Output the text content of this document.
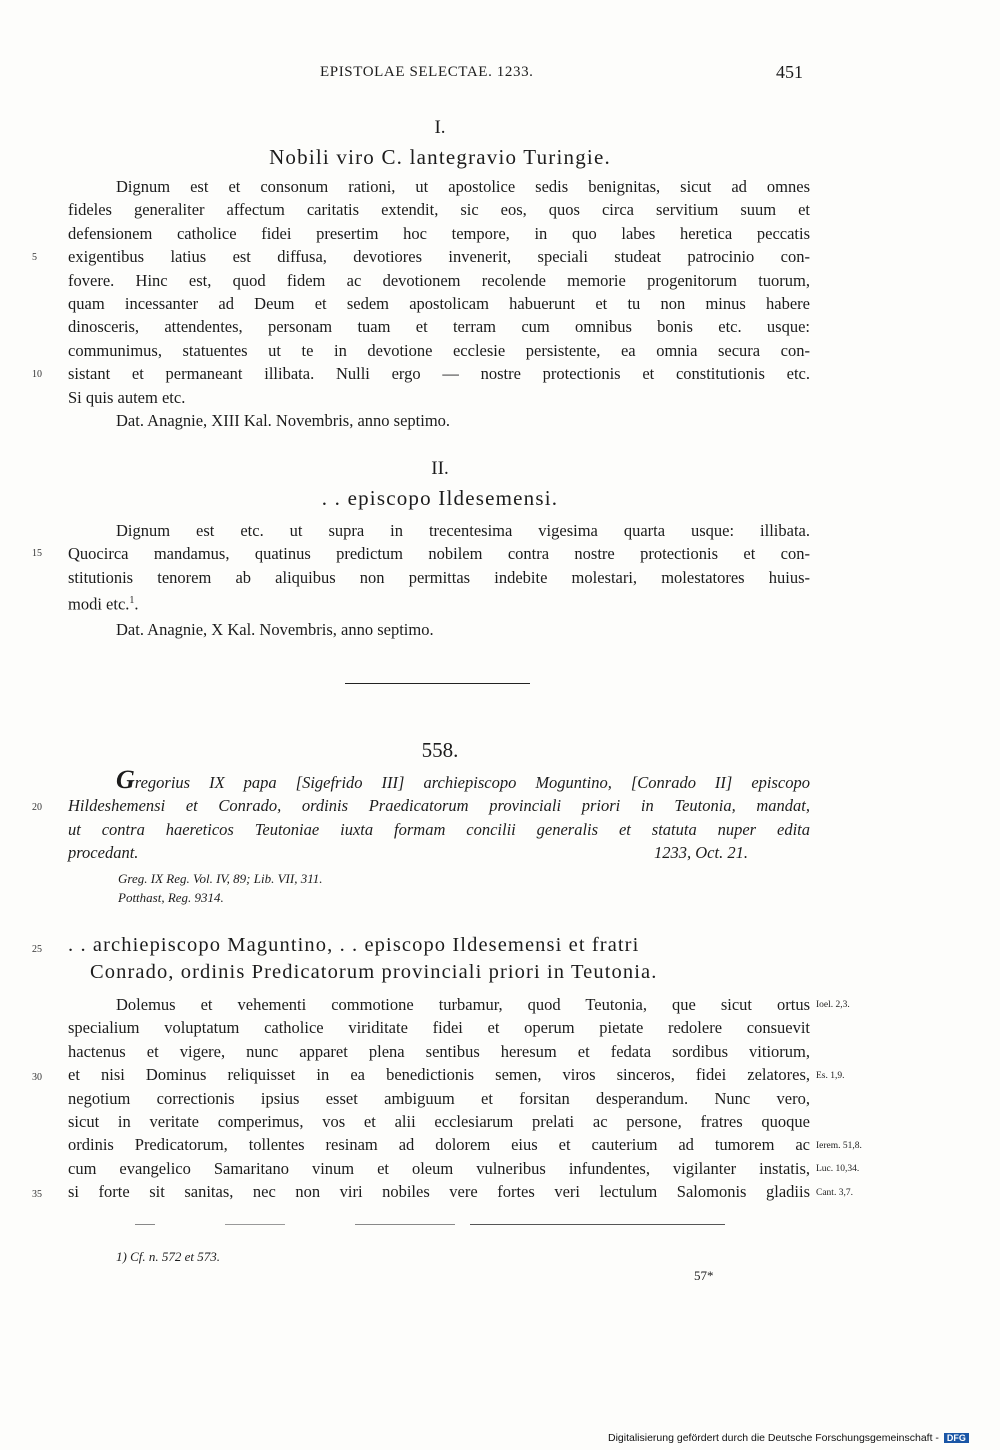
EPISTOLAE SELECTAE. 1233.	451
I.
Nobili viro C. lantegravio Turingie.
Dignum est et consonum rationi, ut apostolice sedis benignitas, sicut ad omnes
fideles generaliter affectum caritatis extendit, sic eos, quos circa servitium suum et
defensionem catholice fidei presertim hoc tempore, in quo labes heretica peccatis
exigentibus latius est diffusa, devotiores invenerit, speciali studeat patrocinio con-
fovere. Hinc est, quod fidem ac devotionem recolende memorie progenitorum tuorum,
quam incessanter ad Deum et sedem apostolicam habuerunt et tu non minus habere
dinosceris, attendentes, personam tuam et terram cum omnibus bonis etc. usque:
communimus, statuentes ut te in devotione ecclesie persistente, ea omnia secura con-
sistant et permaneant illibata. Nulli ergo — nostre protectionis et constitutionis etc.
Si quis autem etc.
Dat. Anagnie, XIII Kal. Novembris, anno septimo.
II.
. . episcopo Ildesemensi.
Dignum est etc. ut supra in trecentesima vigesima quarta usque: illibata.
Quocirca mandamus, quatinus predictum nobilem contra nostre protectionis et con-
stitutionis tenorem ab aliquibus non permittas indebite molestari, molestatores huius-
modi etc.$^1$.
Dat. Anagnie, X Kal. Novembris, anno septimo.
558.
Gregorius IX papa [Sigefrido III] archiepiscopo Moguntino, [Conrado II] episcopo
Hildeshemensi et Conrado, ordinis Praedicatorum provinciali priori in Teutonia, mandat,
ut contra haereticos Teutoniae iuxta formam concilii generalis et statuta nuper edita
procedant.	1233, Oct. 21.
Greg. IX Reg. Vol. IV, 89; Lib. VII, 311.
Potthast, Reg. 9314.
. . archiepiscopo Maguntino, . . episcopo Ildesemensi et fratri
Conrado, ordinis Predicatorum provinciali priori in Teutonia.
Dolemus et vehementi commotione turbamur, quod Teutonia, que sicut ortus
specialium voluptatum catholice viriditate fidei et operum pietate redolere consuevit
hactenus et vigere, nunc apparet plena sentibus heresum et fedata sordibus vitiorum,
et nisi Dominus reliquisset in ea benedictionis semen, viros sinceros, fidei zelatores,
negotium correctionis ipsius esset ambiguum et forsitan desperandum. Nunc vero,
sicut in veritate comperimus, vos et alii ecclesiarum prelati ac persone, fratres quoque
ordinis Predicatorum, tollentes resinam ad dolorem eius et cauterium ad tumorem ac
cum evangelico Samaritano vinum et oleum vulneribus infundentes, vigilanter instatis,
si forte sit sanitas, nec non viri nobiles vere fortes veri lectulum Salomonis gladiis
5
10
15
20
25
30
35
Ioel. 2,3.
Es. 1,9.
Ierem. 51,8.
Luc. 10,34.
Cant. 3,7.
1) Cf. n. 572 et 573.
57*
Digitalisierung gefördert durch die Deutsche Forschungsgemeinschaft - DFG
